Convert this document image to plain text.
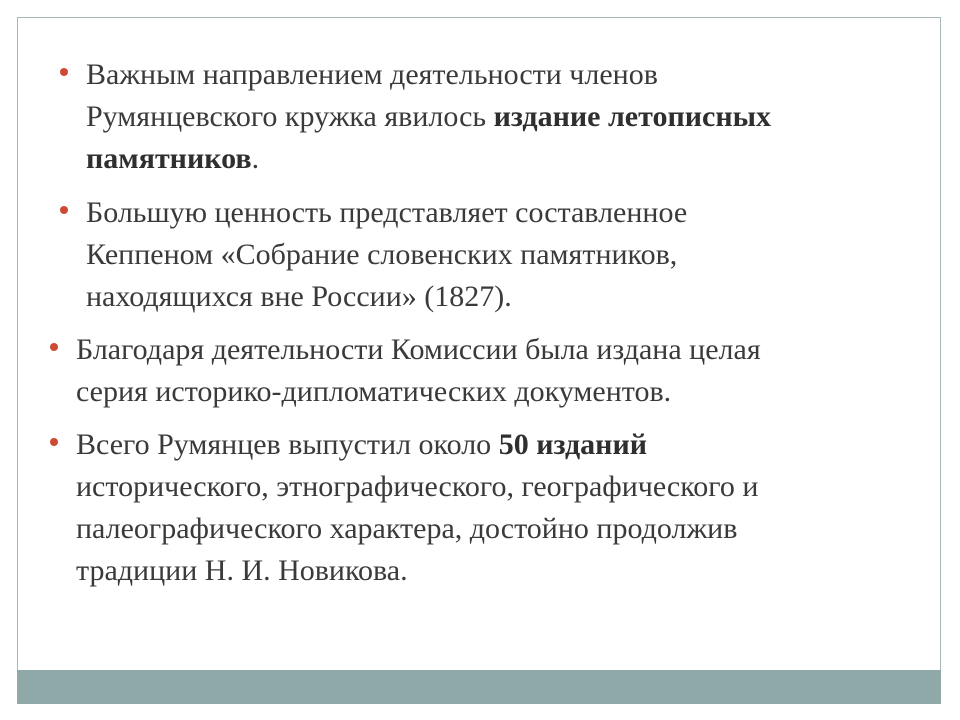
Важным направлением деятельности членов
Румянцевского кружка явилось издание летописных
памятников.
Большую ценность представляет составленное
Кеппеном «Собрание словенских памятников,
находящихся вне России» (1827).
Благодаря деятельности Комиссии была издана целая
серия историко-дипломатических документов.
Всего Румянцев выпустил около 50 изданий
исторического, этнографического, географического и
палеографического характера, достойно продолжив
традиции Н. И. Новикова.
